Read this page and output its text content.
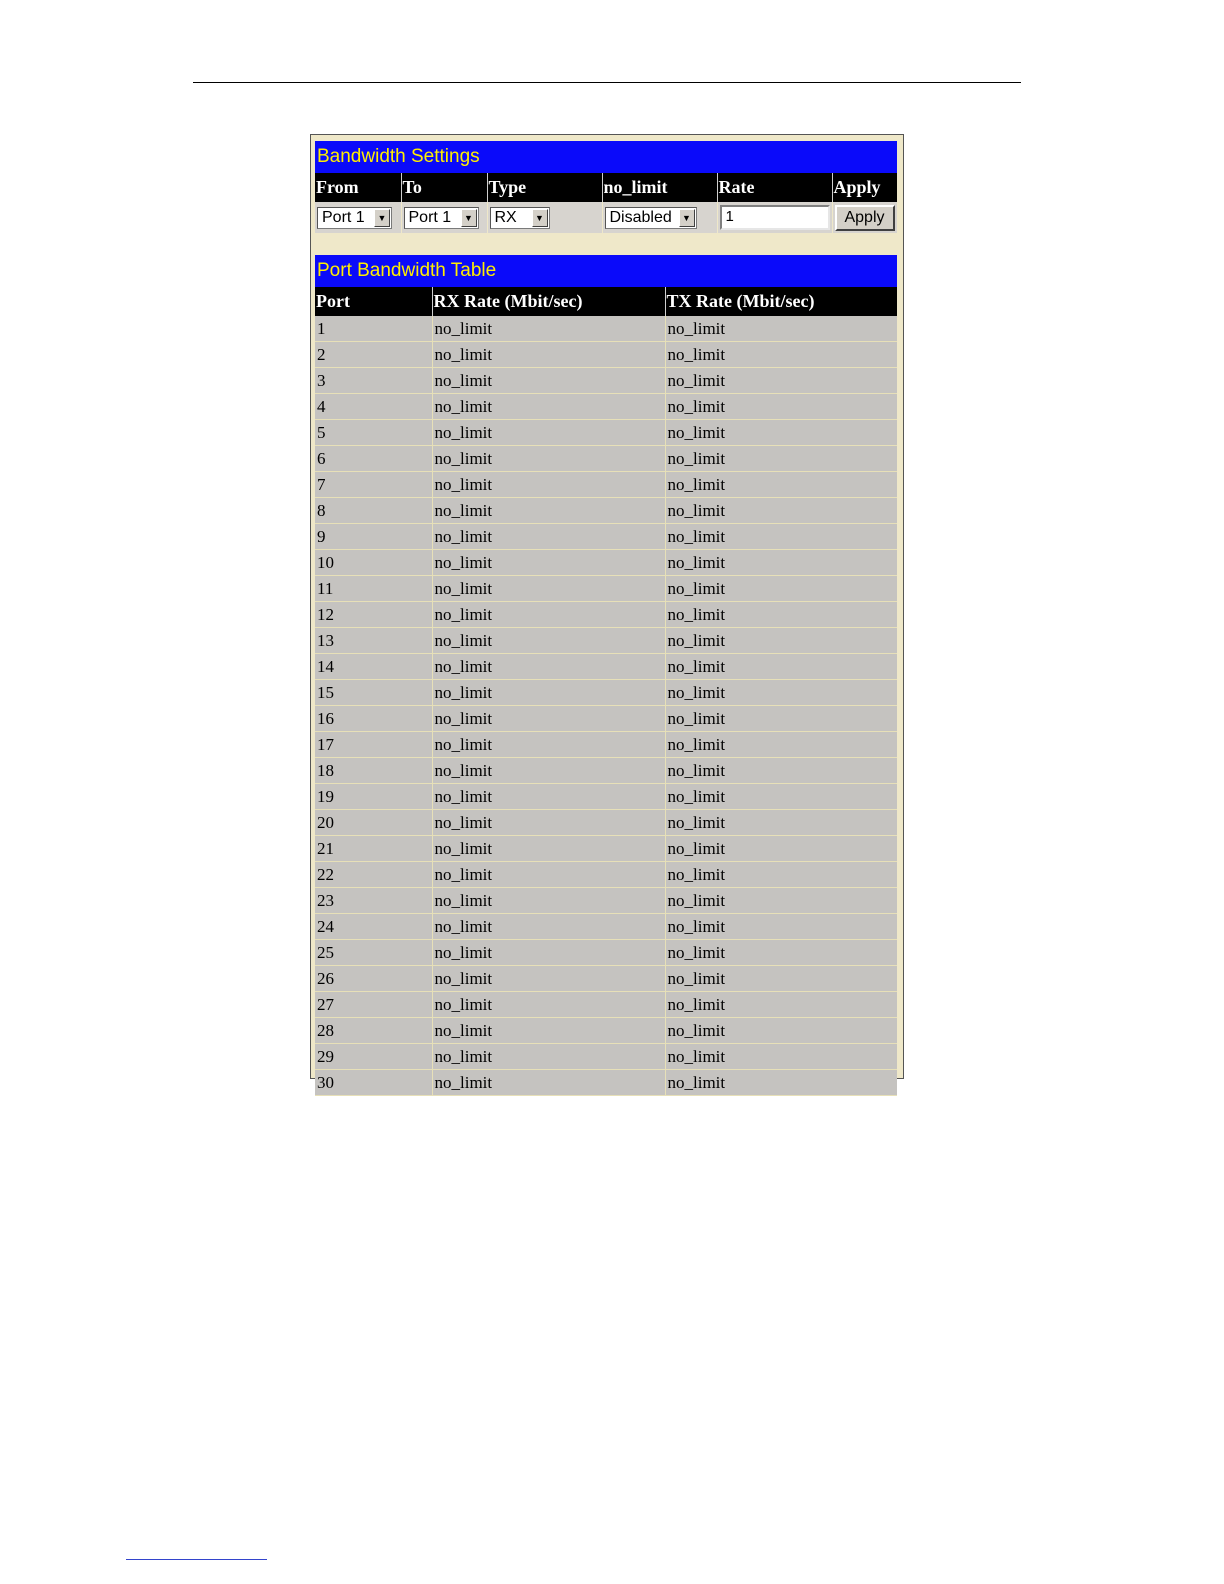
Bandwidth Settings
From	To	Type	no_limit	Rate	Apply

Port 1 ▼	Port 1 ▼	RX ▼	Disabled ▼	1	Apply
Port Bandwidth Table
Port	RX Rate (Mbit/sec)	TX Rate (Mbit/sec)
1	no_limit	no_limit
2	no_limit	no_limit
3	no_limit	no_limit
4	no_limit	no_limit
5	no_limit	no_limit
6	no_limit	no_limit
7	no_limit	no_limit
8	no_limit	no_limit
9	no_limit	no_limit
10	no_limit	no_limit
11	no_limit	no_limit
12	no_limit	no_limit
13	no_limit	no_limit
14	no_limit	no_limit
15	no_limit	no_limit
16	no_limit	no_limit
17	no_limit	no_limit
18	no_limit	no_limit
19	no_limit	no_limit
20	no_limit	no_limit
21	no_limit	no_limit
22	no_limit	no_limit
23	no_limit	no_limit
24	no_limit	no_limit
25	no_limit	no_limit
26	no_limit	no_limit
27	no_limit	no_limit
28	no_limit	no_limit
29	no_limit	no_limit
30	no_limit	no_limit
